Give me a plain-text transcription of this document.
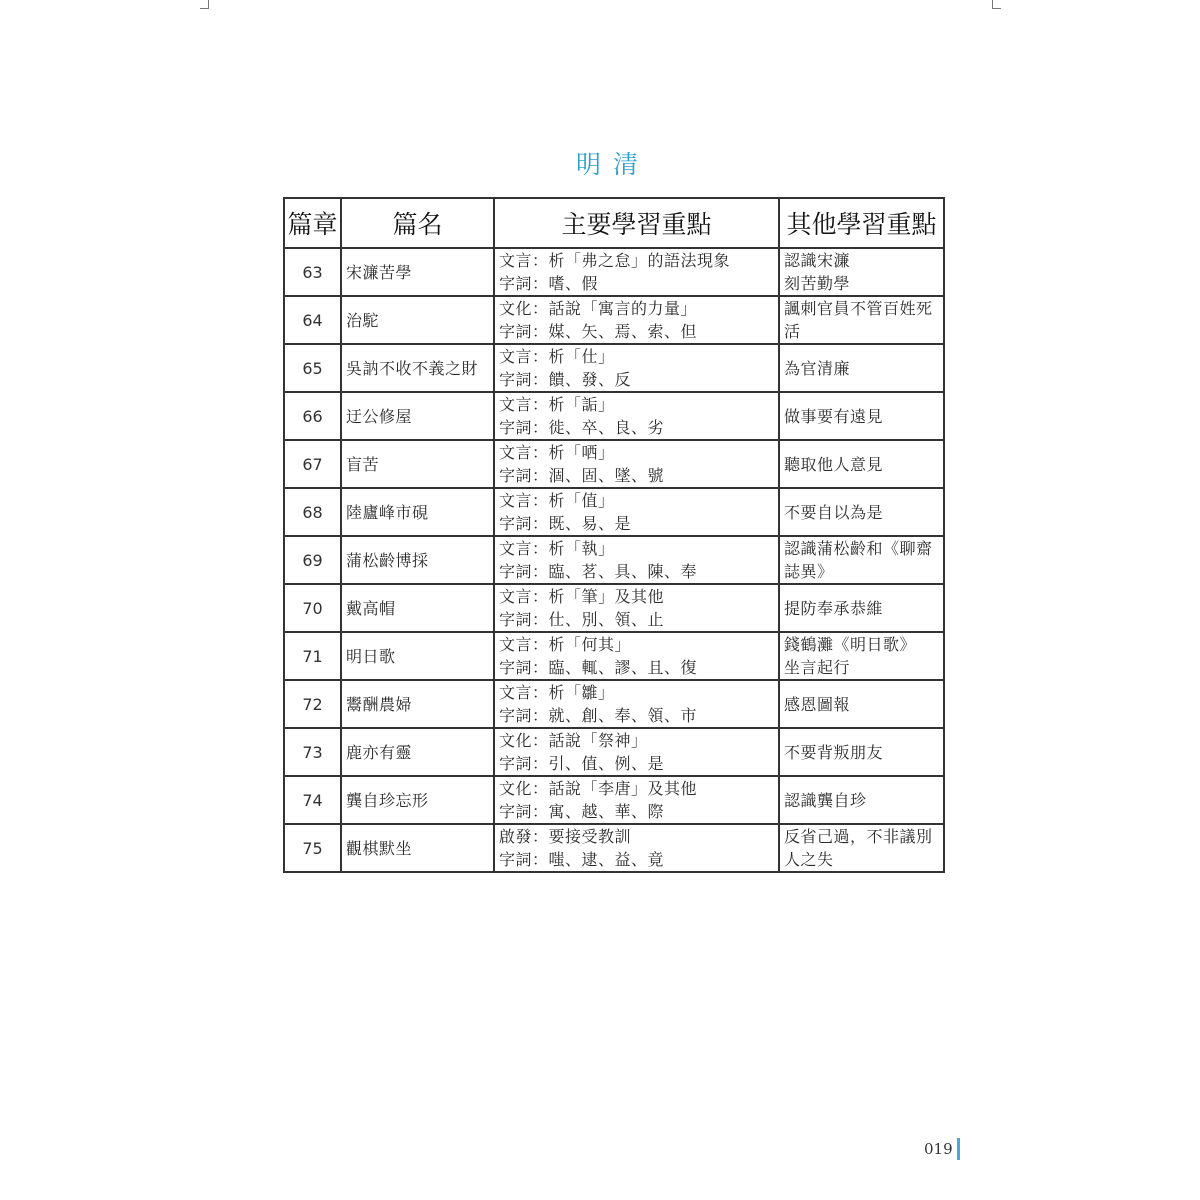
明清
篇章	篇名	主要學習重點	其他學習重點
63	宋濂苦學	文言：析「弗之怠」的語法現象
字詞：嗜、假	認識宋濂
刻苦勤學

64	治駝	文化：話說「寓言的力量」
字詞：媒、矢、焉、索、但	諷刺官員不管百姓死活

65	吳訥不收不義之財	文言：析「仕」
字詞：饋、發、反	為官清廉

66	迂公修屋	文言：析「詬」
字詞：徙、卒、良、劣	做事要有遠見

67	盲苦	文言：析「哂」
字詞：涸、固、墜、號	聽取他人意見

68	陸廬峰市硯	文言：析「值」
字詞：既、易、是	不要自以為是

69	蒲松齡博採	文言：析「執」
字詞：臨、茗、具、陳、奉	認識蒲松齡和《聊齋誌異》

70	戴高帽	文言：析「筆」及其他
字詞：仕、別、領、止	提防奉承恭維

71	明日歌	文言：析「何其」
字詞：臨、輒、謬、且、復	錢鶴灘《明日歌》
坐言起行

72	鬻酬農婦	文言：析「雛」
字詞：就、創、奉、領、市	感恩圖報

73	鹿亦有靈	文化：話說「祭神」
字詞：引、值、例、是	不要背叛朋友

74	龔自珍忘形	文化：話說「李唐」及其他
字詞：寓、越、華、際	認識龔自珍

75	觀棋默坐	啟發：要接受教訓
字詞：嗤、逮、益、竟	反省己過，不非議別人之失
019
